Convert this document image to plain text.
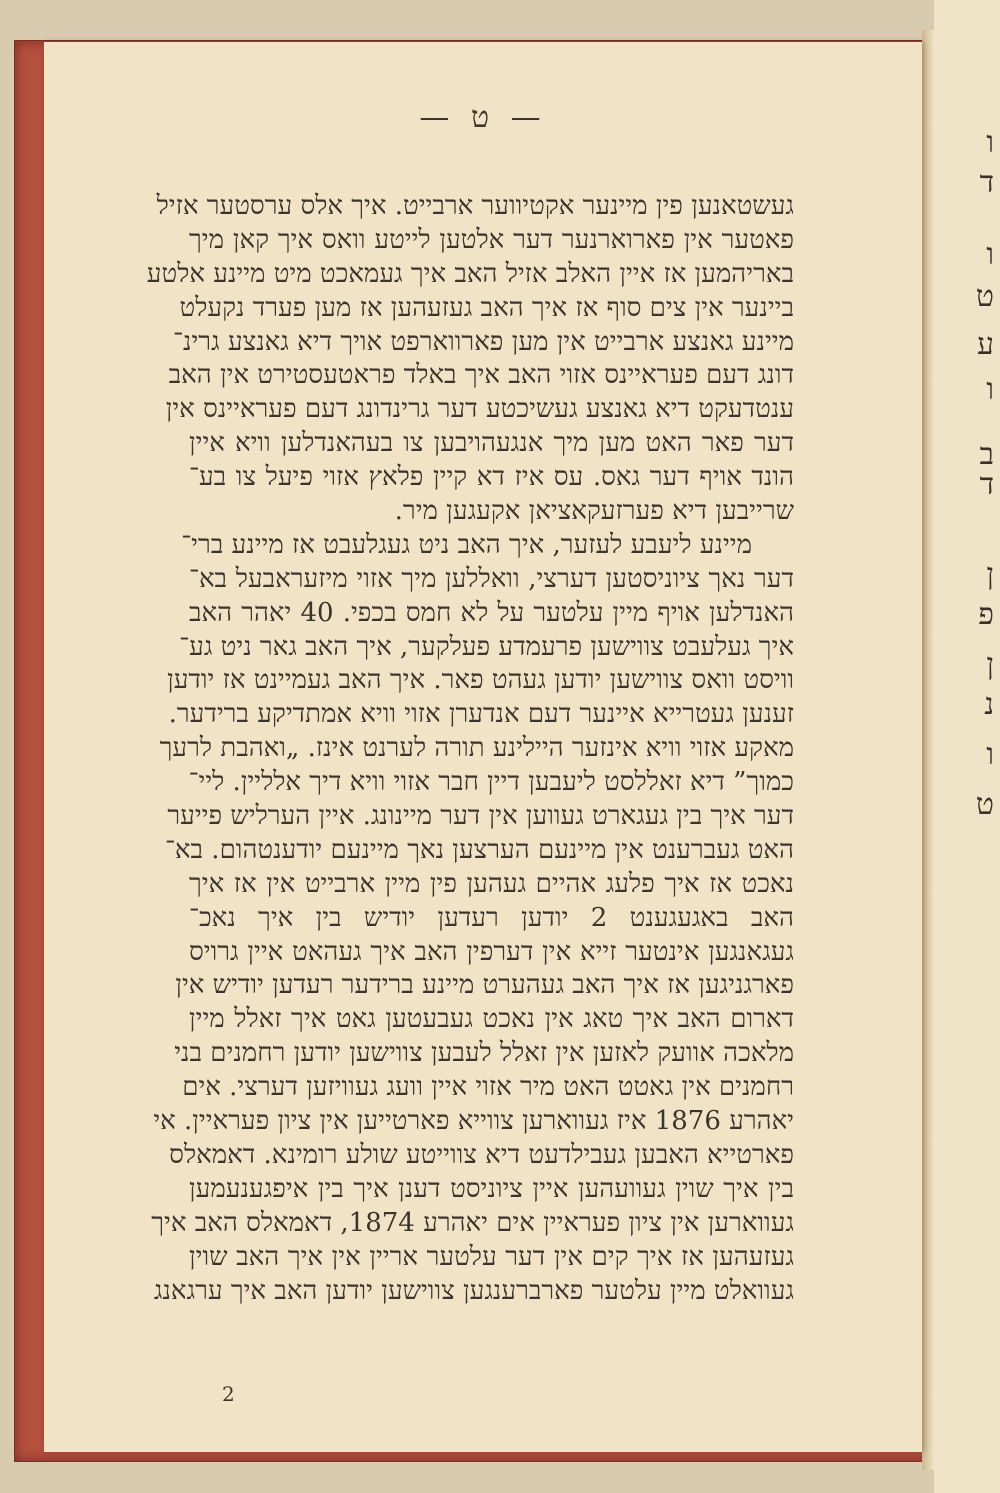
ו
ד
ו
ט
ע
ו
ב
ד
ן
פ
ן
נ
ו
ט
— ט —
געשטאנען פין מיינער אקטיווער ארבייט. איך אלס ערסטער אזיל
פאטער אין פארוארנער דער אלטען לייטע וואס איך קאן מיך
באריהמען אז איין האלב אזיל האב איך געמאכט מיט מיינע אלטע
ביינער אין צים סוף אז איך האב געזעהען אז מען פערד נקעלט
מיינע גאנצע ארבייט אין מען פארווארפט אויך דיא גאנצע גרינ־
דונג דעם פעראיינס אזוי האב איך באלד פראטעסטירט אין האב
ענטדעקט דיא גאנצע געשיכטע דער גרינדונג דעם פעראיינס אין
דער פאר האט מען מיך אנגעהויבען צו בעהאנדלען וויא איין
הונד אויף דער גאס. עס איז דא קיין פלאץ אזוי פיעל צו בע־
שרייבען דיא פערזעקאציאן אקעגען מיר.
מיינע ליעבע לעזער, איך האב ניט געגלעבט אז מיינע ברי־
דער נאך ציוניסטען דערצי, וואללען מיך אזוי מיזעראבעל בא־
האנדלען אויף מיין עלטער על לא חמס בכפי. 40 יאהר האב
איך געלעבט צווישען פרעמדע פעלקער, איך האב גאר ניט גע־
וויסט וואס צווישען יודען געהט פאר. איך האב געמיינט אז יודען
זענען געטרייא איינער דעם אנדערן אזוי וויא אמתדיקע ברידער.
מאקע אזוי וויא אינזער היילינע תורה לערנט אינז. „ואהבת לרעך
כמוך” דיא זאללסט ליעבען דיין חבר אזוי וויא דיך אלליין. ליי־
דער איך בין געגארט געווען אין דער מיינונג. איין הערליש פייער
האט געברענט אין מיינעם הערצען נאך מיינעם יודענטהום. בא־
נאכט אז איך פלעג אהיים געהען פין מיין ארבייט אין אז איך
האב באגעגענט 2 יודען רעדען יודיש בין איך נאכ־
געגאנגען אינטער זייא אין דערפין האב איך געהאט איין גרויס
פארגניגען אז איך האב געהערט מיינע ברידער רעדען יודיש אין
דארום האב איך טאג אין נאכט געבעטען גאט איך זאלל מיין
מלאכה אוועק לאזען אין זאלל לעבען צווישען יודען רחמנים בני
רחמנים אין גאטט האט מיר אזוי איין וועג געוויזען דערצי. אים
יאהרע 1876 איז געווארען צווייא פארטייען אין ציון פעראיין. אי
פארטייא האבען געבילדעט דיא צווייטע שולע רומינא. דאמאלס
בין איך שוין געוועהען איין ציוניסט דענן איך בין איפגענעמען
געווארען אין ציון פעראיין אים יאהרע 1874, דאמאלס האב איך
געזעהען אז איך קים אין דער עלטער אריין אין איך האב שוין
געוואלט מיין עלטער פארברענגען צווישען יודען האב איך ערגאנג
2
